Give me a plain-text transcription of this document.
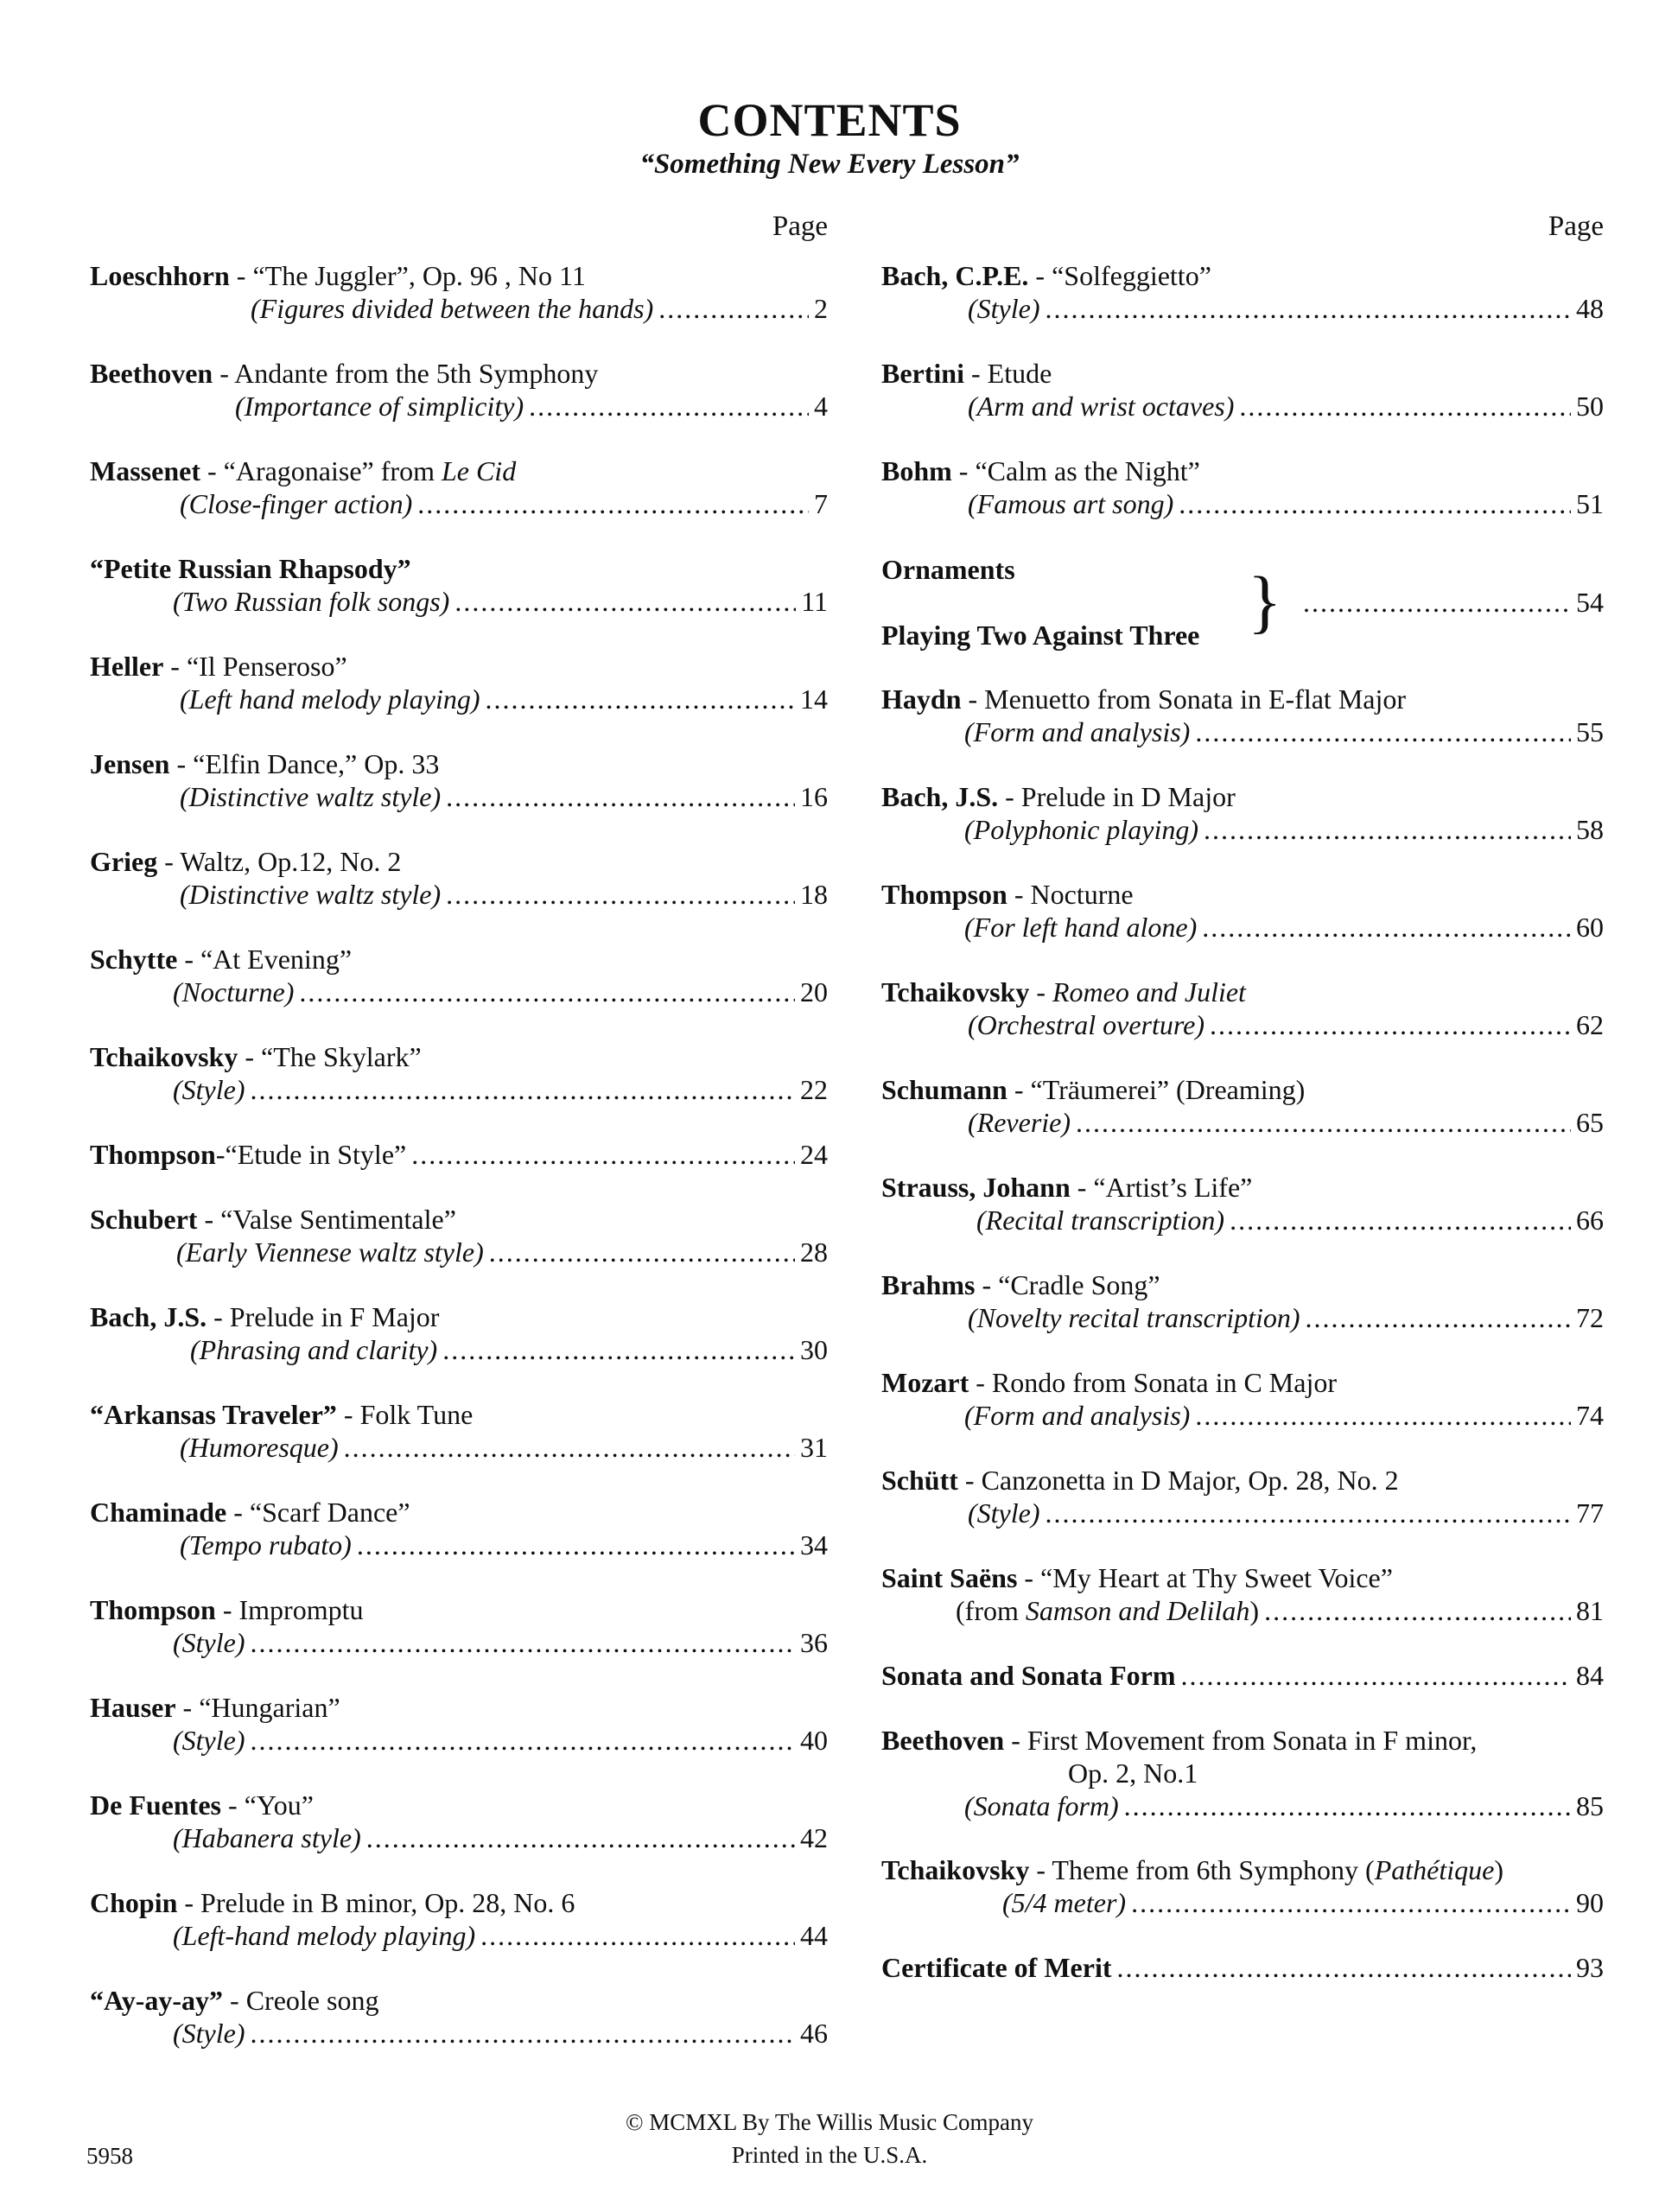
CONTENTS
“Something New Every Lesson”
Page
Loeschhorn - “The Juggler”, Op. 96 , No 11
(Figures divided between the hands) .....	2
Beethoven - Andante from the 5th Symphony
(Importance of simplicity) .....	4
Massenet - “Aragonaise” from Le Cid
(Close-finger action) .....	7
“Petite Russian Rhapsody”
(Two Russian folk songs) .....	11
Heller - “Il Penseroso”
(Left hand melody playing) .....	14
Jensen - “Elfin Dance,” Op. 33
(Distinctive waltz style) .....	16
Grieg - Waltz, Op.12, No. 2
(Distinctive waltz style) .....	18
Schytte - “At Evening”
(Nocturne) .....	20
Tchaikovsky - “The Skylark”
(Style) .....	22
Thompson - “Etude in Style” .....	24
Schubert - “Valse Sentimentale”
(Early Viennese waltz style) .....	28
Bach, J.S. - Prelude in F Major
(Phrasing and clarity) .....	30
“Arkansas Traveler” - Folk Tune
(Humoresque) .....	31
Chaminade - “Scarf Dance”
(Tempo rubato) .....	34
Thompson - Impromptu
(Style) .....	36
Hauser - “Hungarian”
(Style) .....	40
De Fuentes - “You”
(Habanera style) .....	42
Chopin - Prelude in B minor, Op. 28, No. 6
(Left-hand melody playing) .....	44
“Ay-ay-ay” - Creole song
(Style) .....	46
Page
Bach, C.P.E. - “Solfeggietto”
(Style) .....	48
Bertini - Etude
(Arm and wrist octaves) .....	50
Bohm - “Calm as the Night”
(Famous art song) .....	51
Haydn - Menuetto from Sonata in E-flat Major
(Form and analysis) .....	55
Bach, J.S. - Prelude in D Major
(Polyphonic playing) .....	58
Thompson - Nocturne
(For left hand alone) .....	60
Tchaikovsky - Romeo and Juliet
(Orchestral overture) .....	62
Schumann - “Träumerei” (Dreaming)
(Reverie) .....	65
Strauss, Johann - “Artist’s Life”
(Recital transcription) .....	66
Brahms - “Cradle Song”
(Novelty recital transcription) .....	72
Mozart - Rondo from Sonata in C Major
(Form and analysis) .....	74
Schütt - Canzonetta in D Major, Op. 28, No. 2
(Style) .....	77
Saint Saëns - “My Heart at Thy Sweet Voice”
(from Samson and Delilah) .....	81
Sonata and Sonata Form .....	84
Beethoven - First Movement from Sonata in F minor,
Op. 2, No.1
(Sonata form) .....	85
Tchaikovsky - Theme from 6th Symphony (Pathétique)
(5/4 meter) .....	90
Certificate of Merit .....	93
Ornaments
Playing Two Against Three } .....	54
© MCMXL By The Willis Music Company
Printed in the U.S.A.
5958
